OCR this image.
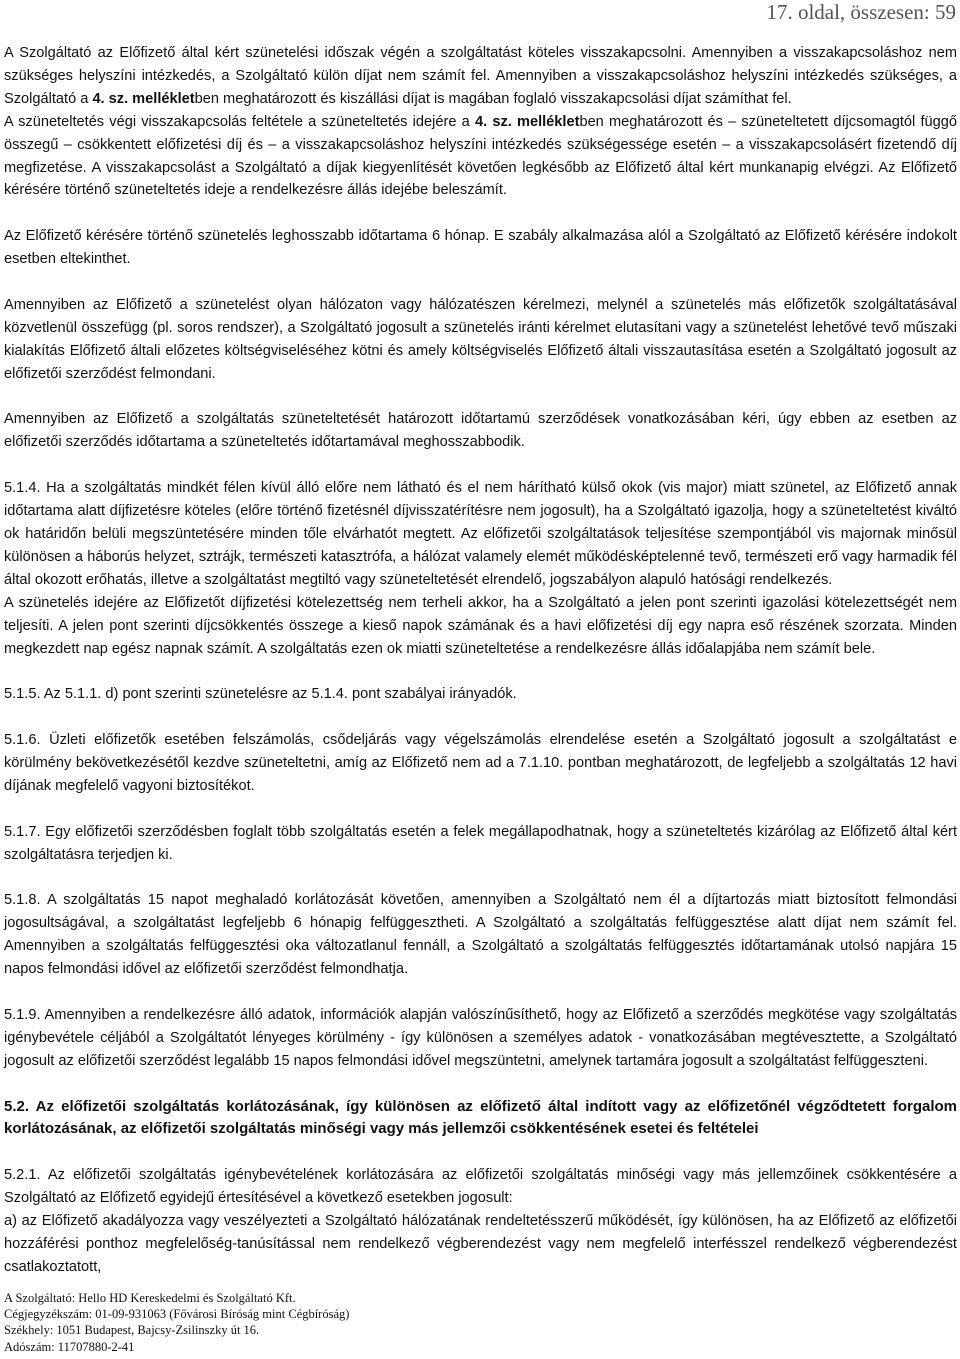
17. oldal, összesen: 59

A Szolgáltató az Előfizető által kért szünetelési időszak végén a szolgáltatást köteles visszakapcsolni. Amennyiben a visszakapcsoláshoz nem szükséges helyszíni intézkedés, a Szolgáltató külön díjat nem számít fel. Amennyiben a visszakapcsoláshoz helyszíni intézkedés szükséges, a Szolgáltató a 4. sz. mellékletben meghatározott és kiszállási díjat is magában foglaló visszakapcsolási díjat számíthat fel.

A szüneteltetés végi visszakapcsolás feltétele a szüneteltetés idejére a 4. sz. mellékletben meghatározott és – szüneteltetett díjcsomagtól függő összegű – csökkentett előfizetési díj és – a visszakapcsoláshoz helyszíni intézkedés szükségessége esetén – a visszakapcsolásért fizetendő díj megfizetése. A visszakapcsolást a Szolgáltató a díjak kiegyenlítését követően legkésőbb az Előfizető által kért munkanapig elvégzi. Az Előfizető kérésére történő szüneteltetés ideje a rendelkezésre állás idejébe beleszámít.

Az Előfizető kérésére történő szünetelés leghosszabb időtartama 6 hónap. E szabály alkalmazása alól a Szolgáltató az Előfizető kérésére indokolt esetben eltekinthet.

Amennyiben az Előfizető a szünetelést olyan hálózaton vagy hálózatészen kérelmezi, melynél a szünetelés más előfizetők szolgáltatásával közvetlenül összefügg (pl. soros rendszer), a Szolgáltató jogosult a szünetelés iránti kérelmet elutasítani vagy a szünetelést lehetővé tevő műszaki kialakítás Előfizető általi előzetes költségviseléséhez kötni és amely költségviselés Előfizető általi visszautasítása esetén a Szolgáltató jogosult az előfizetői szerződést felmondani.

Amennyiben az Előfizető a szolgáltatás szüneteltetését határozott időtartamú szerződések vonatkozásában kéri, úgy ebben az esetben az előfizetői szerződés időtartama a szüneteltetés időtartamával meghosszabbodik.

5.1.4. Ha a szolgáltatás mindkét félen kívül álló előre nem látható és el nem hárítható külső okok (vis major) miatt szünetel, az Előfizető annak időtartama alatt díjfizetésre köteles (előre történő fizetésnél díjvisszatérítésre nem jogosult), ha a Szolgáltató igazolja, hogy a szüneteltetést kiváltó ok határidőn belüli megszüntetésére minden tőle elvárhatót megtett. Az előfizetői szolgáltatások teljesítése szempontjából vis majornak minősül különösen a háborús helyzet, sztrájk, természeti katasztrófa, a hálózat valamely elemét működésképtelenné tevő, természeti erő vagy harmadik fél által okozott erőhatás, illetve a szolgáltatást megtiltó vagy szüneteltetését elrendelő, jogszabályon alapuló hatósági rendelkezés.

A szünetelés idejére az Előfizetőt díjfizetési kötelezettség nem terheli akkor, ha a Szolgáltató a jelen pont szerinti igazolási kötelezettségét nem teljesíti. A jelen pont szerinti díjcsökkentés összege a kieső napok számának és a havi előfizetési díj egy napra eső részének szorzata. Minden megkezdett nap egész napnak számít. A szolgáltatás ezen ok miatti szüneteltetése a rendelkezésre állás időalapjába nem számít bele.

5.1.5. Az 5.1.1. d) pont szerinti szünetelésre az 5.1.4. pont szabályai irányadók.

5.1.6. Üzleti előfizetők esetében felszámolás, csődeljárás vagy végelszámolás elrendelése esetén a Szolgáltató jogosult a szolgáltatást e körülmény bekövetkezésétől kezdve szüneteltetni, amíg az Előfizető nem ad a 7.1.10. pontban meghatározott, de legfeljebb a szolgáltatás 12 havi díjának megfelelő vagyoni biztosítékot.

5.1.7. Egy előfizetői szerződésben foglalt több szolgáltatás esetén a felek megállapodhatnak, hogy a szüneteltetés kizárólag az Előfizető által kért szolgáltatásra terjedjen ki.

5.1.8. A szolgáltatás 15 napot meghaladó korlátozását követően, amennyiben a Szolgáltató nem él a díjtartozás miatt biztosított felmondási jogosultságával, a szolgáltatást legfeljebb 6 hónapig felfüggesztheti. A Szolgáltató a szolgáltatás felfüggesztése alatt díjat nem számít fel. Amennyiben a szolgáltatás felfüggesztési oka változatlanul fennáll, a Szolgáltató a szolgáltatás felfüggesztés időtartamának utolsó napjára 15 napos felmondási idővel az előfizetői szerződést felmondhatja.

5.1.9. Amennyiben a rendelkezésre álló adatok, információk alapján valószínűsíthető, hogy az Előfizető a szerződés megkötése vagy szolgáltatás igénybevétele céljából a Szolgáltatót lényeges körülmény - így különösen a személyes adatok - vonatkozásában megtévesztette, a Szolgáltató jogosult az előfizetői szerződést legalább 15 napos felmondási idővel megszüntetni, amelynek tartamára jogosult a szolgáltatást felfüggeszteni.

5.2. Az előfizetői szolgáltatás korlátozásának, így különösen az előfizető által indított vagy az előfizetőnél végződtetett forgalom korlátozásának, az előfizetői szolgáltatás minőségi vagy más jellemzői csökkentésének esetei és feltételei

5.2.1. Az előfizetői szolgáltatás igénybevételének korlátozására az előfizetői szolgáltatás minőségi vagy más jellemzőinek csökkentésére a Szolgáltató az Előfizető egyidejű értesítésével a következő esetekben jogosult:

a) az Előfizető akadályozza vagy veszélyezteti a Szolgáltató hálózatának rendeltetésszerű működését, így különösen, ha az Előfizető az előfizetői hozzáférési ponthoz megfelelőség-tanúsítással nem rendelkező végberendezést vagy nem megfelelő interfésszel rendelkező végberendezést csatlakoztatott,

A Szolgáltató: Hello HD Kereskedelmi és Szolgáltató Kft.
Cégjegyzékszám: 01-09-931063 (Fővárosi Bíróság mint Cégbíróság)
Székhely: 1051 Budapest, Bajcsy-Zsilinszky út 16.
Adószám: 11707880-2-41
